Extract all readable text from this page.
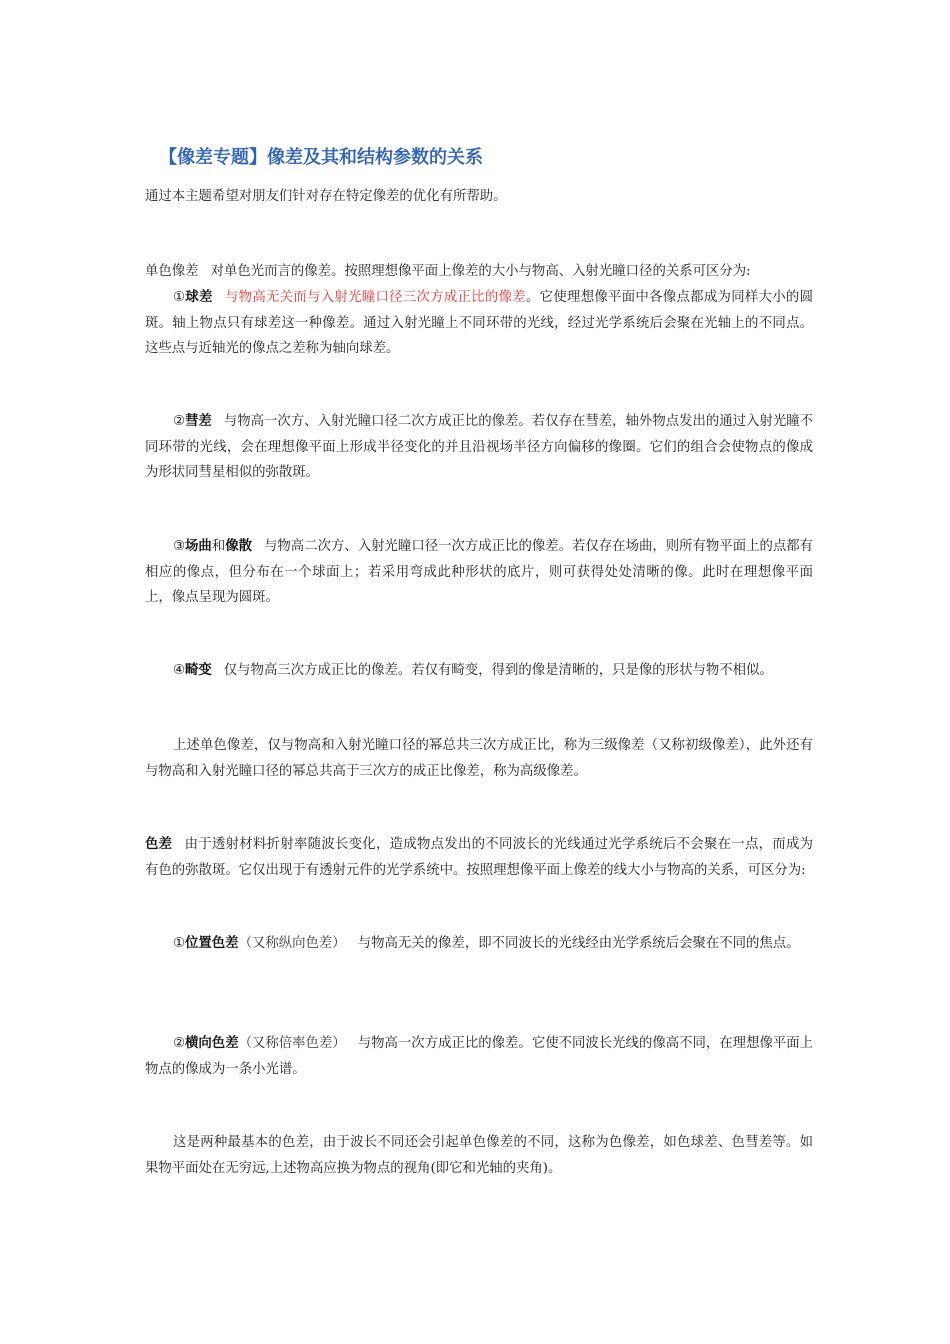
【像差专题】像差及其和结构参数的关系

通过本主题希望对朋友们针对存在特定像差的优化有所帮助。

单色像差 对单色光而言的像差。按照理想像平面上像差的大小与物高、入射光瞳口径的关系可区分为:

①球差 与物高无关而与入射光瞳口径三次方成正比的像差。它使理想像平面中各像点都成为同样大小的圆斑。轴上物点只有球差这一种像差。通过入射光瞳上不同环带的光线，经过光学系统后会聚在光轴上的不同点。这些点与近轴光的像点之差称为轴向球差。

②彗差 与物高一次方、入射光瞳口径二次方成正比的像差。若仅存在彗差，轴外物点发出的通过入射光瞳不同环带的光线，会在理想像平面上形成半径变化的并且沿视场半径方向偏移的像圈。它们的组合会使物点的像成为形状同彗星相似的弥散斑。

③场曲和像散 与物高二次方、入射光瞳口径一次方成正比的像差。若仅存在场曲，则所有物平面上的点都有相应的像点，但分布在一个球面上；若采用弯成此种形状的底片，则可获得处处清晰的像。此时在理想像平面上，像点呈现为圆斑。

④畸变 仅与物高三次方成正比的像差。若仅有畸变，得到的像是清晰的，只是像的形状与物不相似。

上述单色像差，仅与物高和入射光瞳口径的幂总共三次方成正比，称为三级像差（又称初级像差），此外还有与物高和入射光瞳口径的幂总共高于三次方的成正比像差，称为高级像差。

色差 由于透射材料折射率随波长变化，造成物点发出的不同波长的光线通过光学系统后不会聚在一点，而成为有色的弥散斑。它仅出现于有透射元件的光学系统中。按照理想像平面上像差的线大小与物高的关系，可区分为:

①位置色差（又称纵向色差） 与物高无关的像差，即不同波长的光线经由光学系统后会聚在不同的焦点。

②横向色差（又称倍率色差） 与物高一次方成正比的像差。它使不同波长光线的像高不同，在理想像平面上物点的像成为一条小光谱。

这是两种最基本的色差，由于波长不同还会引起单色像差的不同，这称为色像差，如色球差、色彗差等。如果物平面处在无穷远,上述物高应换为物点的视角(即它和光轴的夹角)。
